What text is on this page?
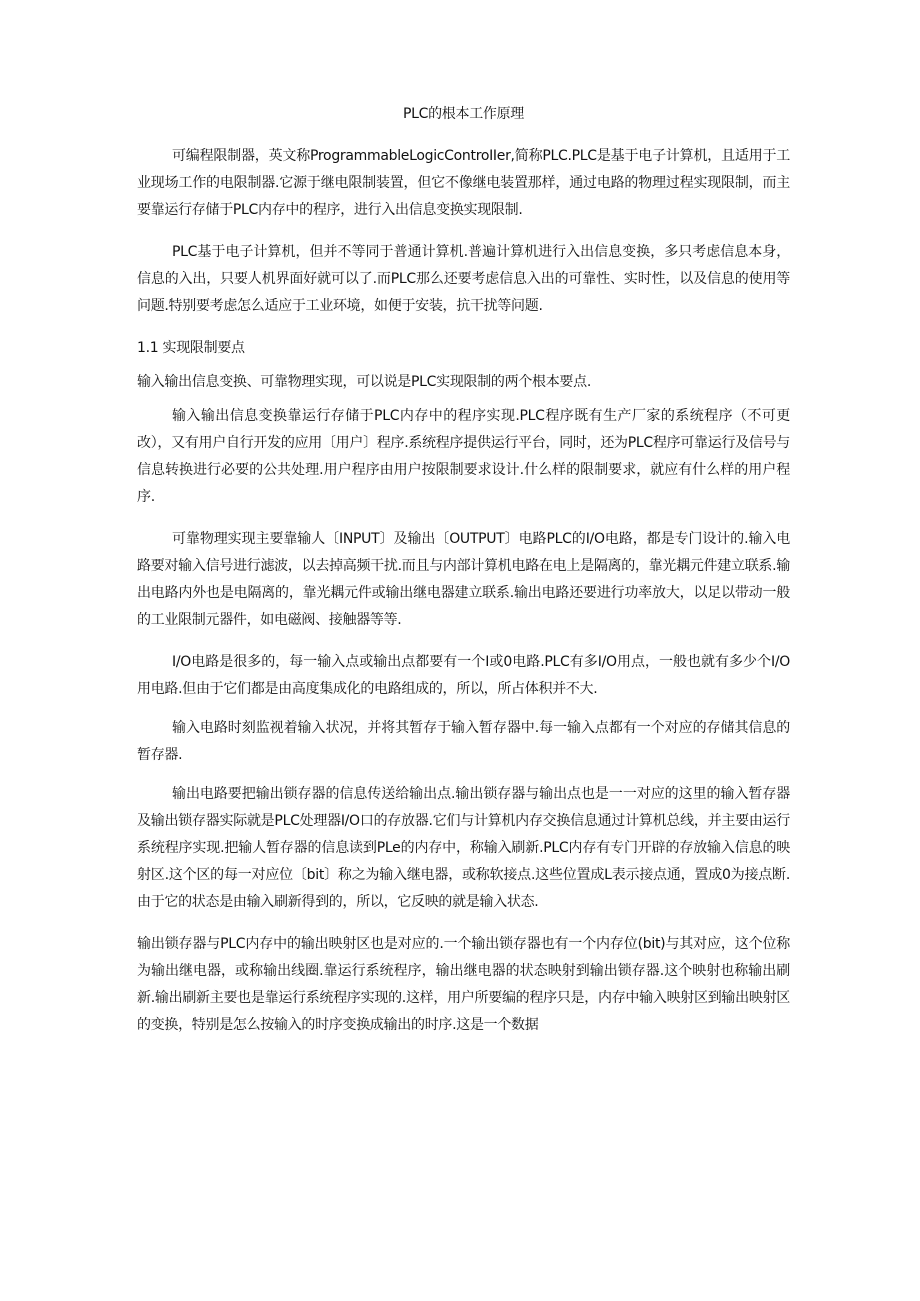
PLC的根本工作原理

可编程限制器，英文称ProgrammableLogicControIIer,简称PLC.PLC是基于电子计算机，且适用于工业现场工作的电限制器.它源于继电限制装置，但它不像继电装置那样，通过电路的物理过程实现限制，而主要靠运行存储于PLC内存中的程序，进行入出信息变换实现限制.

PLC基于电子计算机，但并不等同于普通计算机.普遍计算机进行入出信息变换，多只考虑信息本身，信息的入出，只要人机界面好就可以了.而PLC那么还要考虑信息入出的可靠性、实时性，以及信息的使用等问题.特别要考虑怎么适应于工业环境，如便于安装，抗干扰等问题.

1.1 实现限制要点

输入输出信息变换、可靠物理实现，可以说是PLC实现限制的两个根本要点.

输入输出信息变换靠运行存储于PLC内存中的程序实现.PLC程序既有生产厂家的系统程序（不可更改），又有用户自行开发的应用〔用户〕程序.系统程序提供运行平台，同时，还为PLC程序可靠运行及信号与信息转换进行必要的公共处理.用户程序由用户按限制要求设计.什么样的限制要求，就应有什么样的用户程序.

可靠物理实现主要靠输人〔INPUT〕及输出〔OUTPUT〕电路PLC的I/O电路，都是专门设计的.输入电路要对输入信号进行滤波，以去掉高频干扰.而且与内部计算机电路在电上是隔离的，靠光耦元件建立联系.输出电路内外也是电隔离的，靠光耦元件或输出继电器建立联系.输出电路还要进行功率放大，以足以带动一般的工业限制元器件，如电磁阀、接触器等等.

I/O电路是很多的，每一输入点或输出点都要有一个I或0电路.PLC有多I/O用点，一般也就有多少个I/O用电路.但由于它们都是由高度集成化的电路组成的，所以，所占体积并不大.

输入电路时刻监视着输入状况，并将其暂存于输入暂存器中.每一输入点都有一个对应的存储其信息的暂存器.

输出电路要把输出锁存器的信息传送给输出点.输出锁存器与输出点也是一一对应的这里的输入暂存器及输出锁存器实际就是PLC处理器I/O口的存放器.它们与计算机内存交换信息通过计算机总线，并主要由运行系统程序实现.把输人暂存器的信息读到PLe的内存中，称输入刷新.PLC内存有专门开辟的存放输入信息的映射区.这个区的每一对应位〔bit〕称之为输入继电器，或称软接点.这些位置成L表示接点通，置成0为接点断.由于它的状态是由输入刷新得到的，所以，它反映的就是输入状态.

输出锁存器与PLC内存中的输出映射区也是对应的.一个输出锁存器也有一个内存位(bit)与其对应，这个位称为输出继电器，或称输出线圈.靠运行系统程序，输出继电器的状态映射到输出锁存器.这个映射也称输出刷新.输出刷新主要也是靠运行系统程序实现的.这样，用户所要编的程序只是，内存中输入映射区到输出映射区的变换，特别是怎么按输入的时序变换成输出的时序.这是一个数据
